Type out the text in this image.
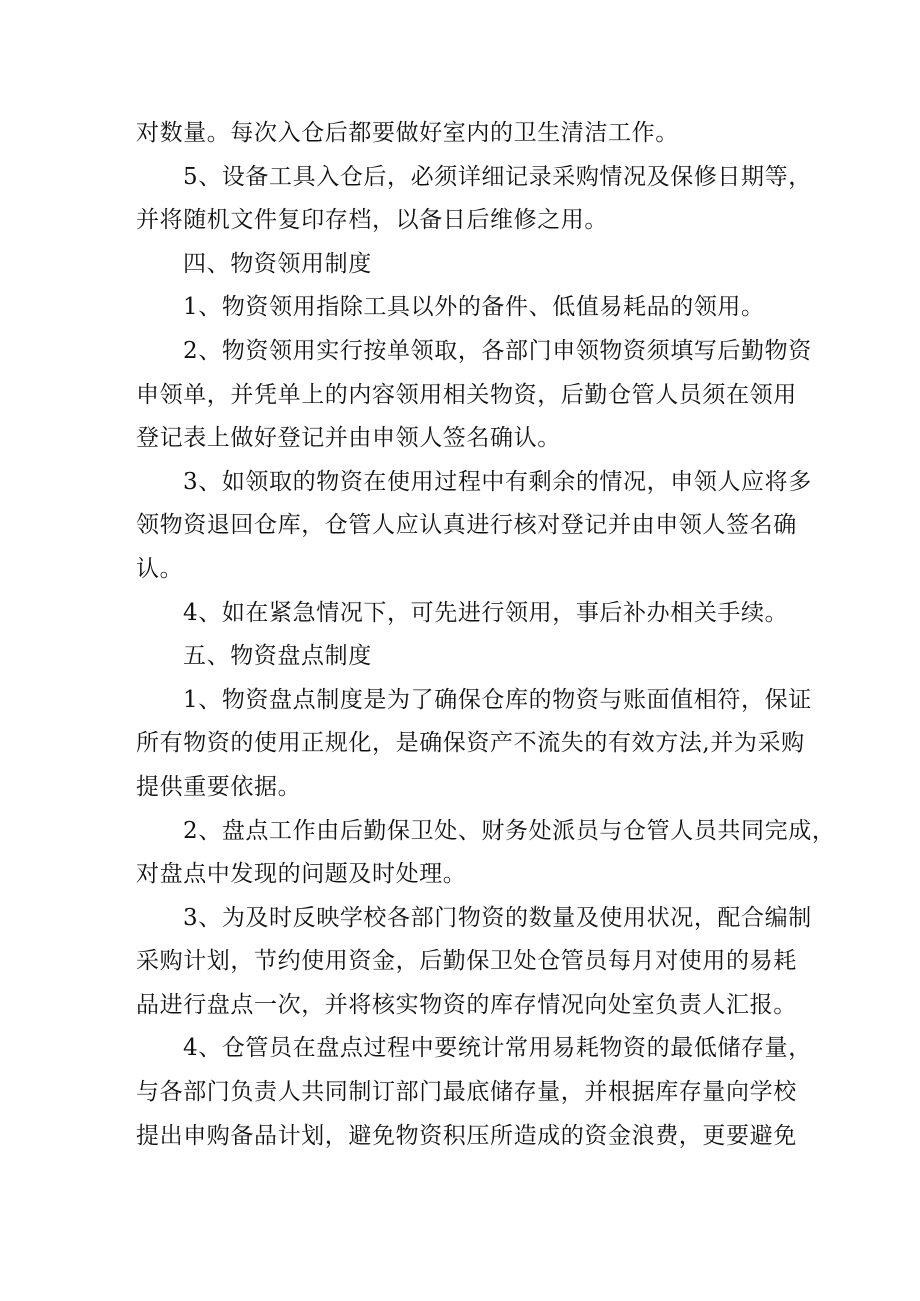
对数量。每次入仓后都要做好室内的卫生清洁工作。
5、设备工具入仓后，必须详细记录采购情况及保修日期等，
并将随机文件复印存档，以备日后维修之用。
四、物资领用制度
1、物资领用指除工具以外的备件、低值易耗品的领用。
2、物资领用实行按单领取，各部门申领物资须填写后勤物资
申领单，并凭单上的内容领用相关物资，后勤仓管人员须在领用
登记表上做好登记并由申领人签名确认。
3、如领取的物资在使用过程中有剩余的情况，申领人应将多
领物资退回仓库，仓管人应认真进行核对登记并由申领人签名确
认。
4、如在紧急情况下，可先进行领用，事后补办相关手续。
五、物资盘点制度
1、物资盘点制度是为了确保仓库的物资与账面值相符，保证
所有物资的使用正规化，是确保资产不流失的有效方法,并为采购
提供重要依据。
2、盘点工作由后勤保卫处、财务处派员与仓管人员共同完成，
对盘点中发现的问题及时处理。
3、为及时反映学校各部门物资的数量及使用状况，配合编制
采购计划，节约使用资金，后勤保卫处仓管员每月对使用的易耗
品进行盘点一次，并将核实物资的库存情况向处室负责人汇报。
4、仓管员在盘点过程中要统计常用易耗物资的最低储存量，
与各部门负责人共同制订部门最底储存量，并根据库存量向学校
提出申购备品计划，避免物资积压所造成的资金浪费，更要避免
